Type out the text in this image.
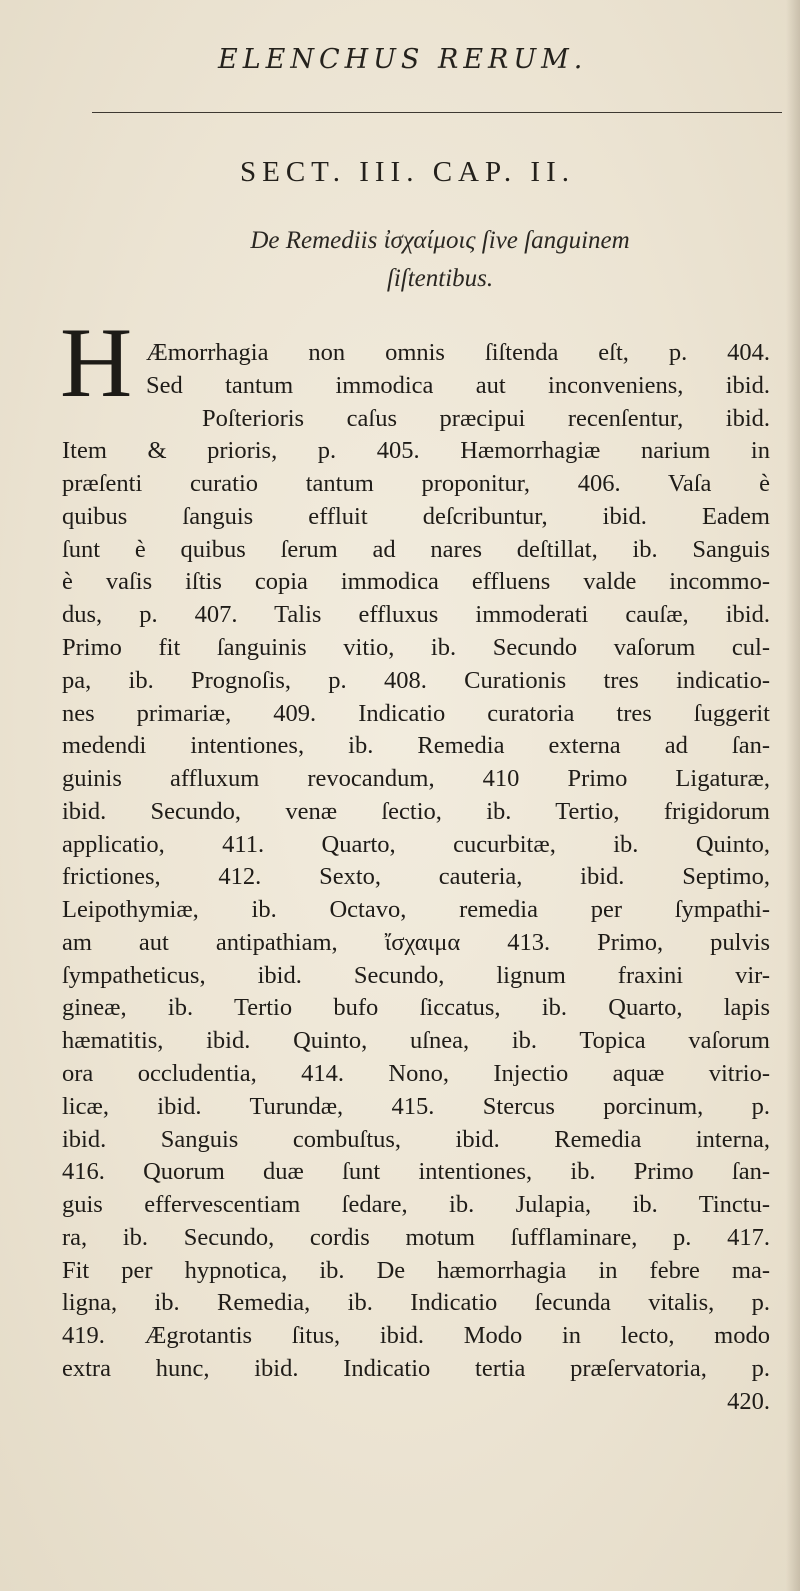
ELENCHUS RERUM.
SECT. III. CAP. II.
De Remediis ἰσχαίμοις ſive ſanguinem
ſiſtentibus.
H Æmorrhagia non omnis ſiſtenda eſt, p. 404.
Sed tantum immodica aut inconveniens, ibid.
Poſterioris caſus præcipui recenſentur, ibid.
Item & prioris, p. 405. Hæmorrhagiæ narium in
præſenti curatio tantum proponitur, 406. Vaſa è
quibus ſanguis effluit deſcribuntur, ibid. Eadem
ſunt è quibus ſerum ad nares deſtillat, ib. Sanguis
è vaſis iſtis copia immodica effluens valde incommo-
dus, p. 407. Talis effluxus immoderati cauſæ, ibid.
Primo fit ſanguinis vitio, ib. Secundo vaſorum cul-
pa, ib. Prognoſis, p. 408. Curationis tres indicatio-
nes primariæ, 409. Indicatio curatoria tres ſuggerit
medendi intentiones, ib. Remedia externa ad ſan-
guinis affluxum revocandum, 410 Primo Ligaturæ,
ibid. Secundo, venæ ſectio, ib. Tertio, frigidorum
applicatio, 411. Quarto, cucurbitæ, ib. Quinto,
frictiones, 412. Sexto, cauteria, ibid. Septimo,
Leipothymiæ, ib. Octavo, remedia per ſympathi-
am aut antipathiam, ἴσχαιμα 413. Primo, pulvis
ſympatheticus, ibid. Secundo, lignum fraxini vir-
gineæ, ib. Tertio bufo ſiccatus, ib. Quarto, lapis
hæmatitis, ibid. Quinto, uſnea, ib. Topica vaſorum
ora occludentia, 414. Nono, Injectio aquæ vitrio-
licæ, ibid. Turundæ, 415. Stercus porcinum, p.
ibid. Sanguis combuſtus, ibid. Remedia interna,
416. Quorum duæ ſunt intentiones, ib. Primo ſan-
guis effervescentiam ſedare, ib. Julapia, ib. Tinctu-
ra, ib. Secundo, cordis motum ſufflaminare, p. 417.
Fit per hypnotica, ib. De hæmorrhagia in febre ma-
ligna, ib. Remedia, ib. Indicatio ſecunda vitalis, p.
419. Ægrotantis ſitus, ibid. Modo in lecto, modo
extra hunc, ibid. Indicatio tertia præſervatoria, p.
420.
